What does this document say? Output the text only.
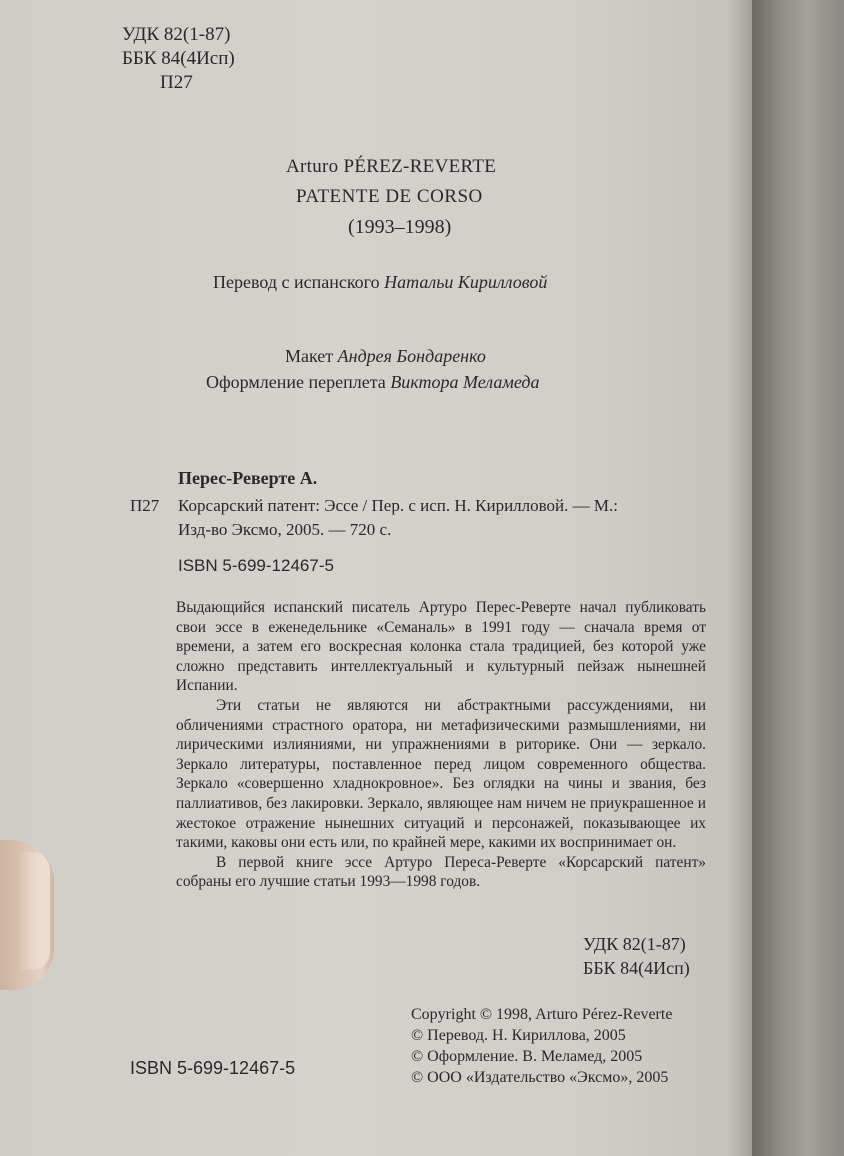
УДК 82(1-87)
ББК 84(4Исп)
П27
Arturo PÉREZ-REVERTE
PATENTE DE CORSO
(1993–1998)
Перевод с испанского Натальи Кирилловой
Макет Андрея Бондаренко
Оформление переплета Виктора Меламеда
Перес-Реверте А.
П27 Корсарский патент: Эссе / Пер. с исп. Н. Кирилловой. — М.:
Изд-во Эксмо, 2005. — 720 с.
ISBN 5-699-12467-5

Выдающийся испанский писатель Артуро Перес-Реверте начал публиковать свои эссе в еженедельнике «Семаналь» в 1991 году — сначала время от времени, а затем его воскресная колонка стала традицией, без которой уже сложно представить интеллектуальный и культурный пейзаж нынешней Испании.

Эти статьи не являются ни абстрактными рассуждениями, ни обличениями страстного оратора, ни метафизическими размышлениями, ни лирическими излияниями, ни упражнениями в риторике. Они — зеркало. Зеркало литературы, поставленное перед лицом современного общества. Зеркало «совершенно хладнокровное». Без оглядки на чины и звания, без паллиативов, без лакировки. Зеркало, являющее нам ничем не приукрашенное и жестокое отражение нынешних ситуаций и персонажей, показывающее их такими, каковы они есть или, по крайней мере, какими их воспринимает он.

В первой книге эссе Артуро Переса-Реверте «Корсарский патент» собраны его лучшие статьи 1993—1998 годов.

УДК 82(1-87)
ББК 84(4Исп)
Copyright © 1998, Arturo Pérez-Reverte
© Перевод. Н. Кириллова, 2005
© Оформление. В. Меламед, 2005
© ООО «Издательство «Эксмо», 2005
ISBN 5-699-12467-5
